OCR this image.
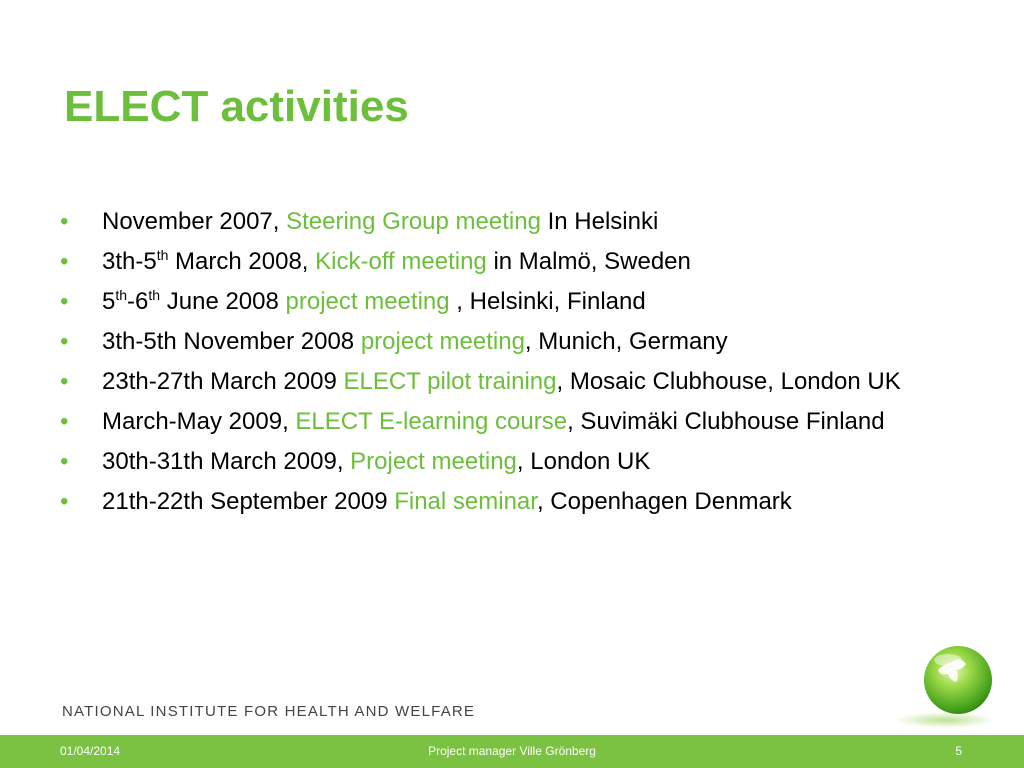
ELECT activities
•	November 2007, Steering Group meeting In Helsinki
•	3th-5th March 2008, Kick-off meeting in Malmö, Sweden
•	5th-6th June 2008 project meeting , Helsinki, Finland
•	3th-5th November 2008 project meeting, Munich, Germany
•	23th-27th March 2009 ELECT pilot training, Mosaic Clubhouse, London UK
•	March-May 2009, ELECT E-learning course, Suvimäki Clubhouse Finland
•	30th-31th March 2009, Project meeting, London UK
•	21th-22th September 2009 Final seminar, Copenhagen Denmark
NATIONAL INSTITUTE FOR HEALTH AND WELFARE
01/04/2014	Project manager Ville Grönberg	5
